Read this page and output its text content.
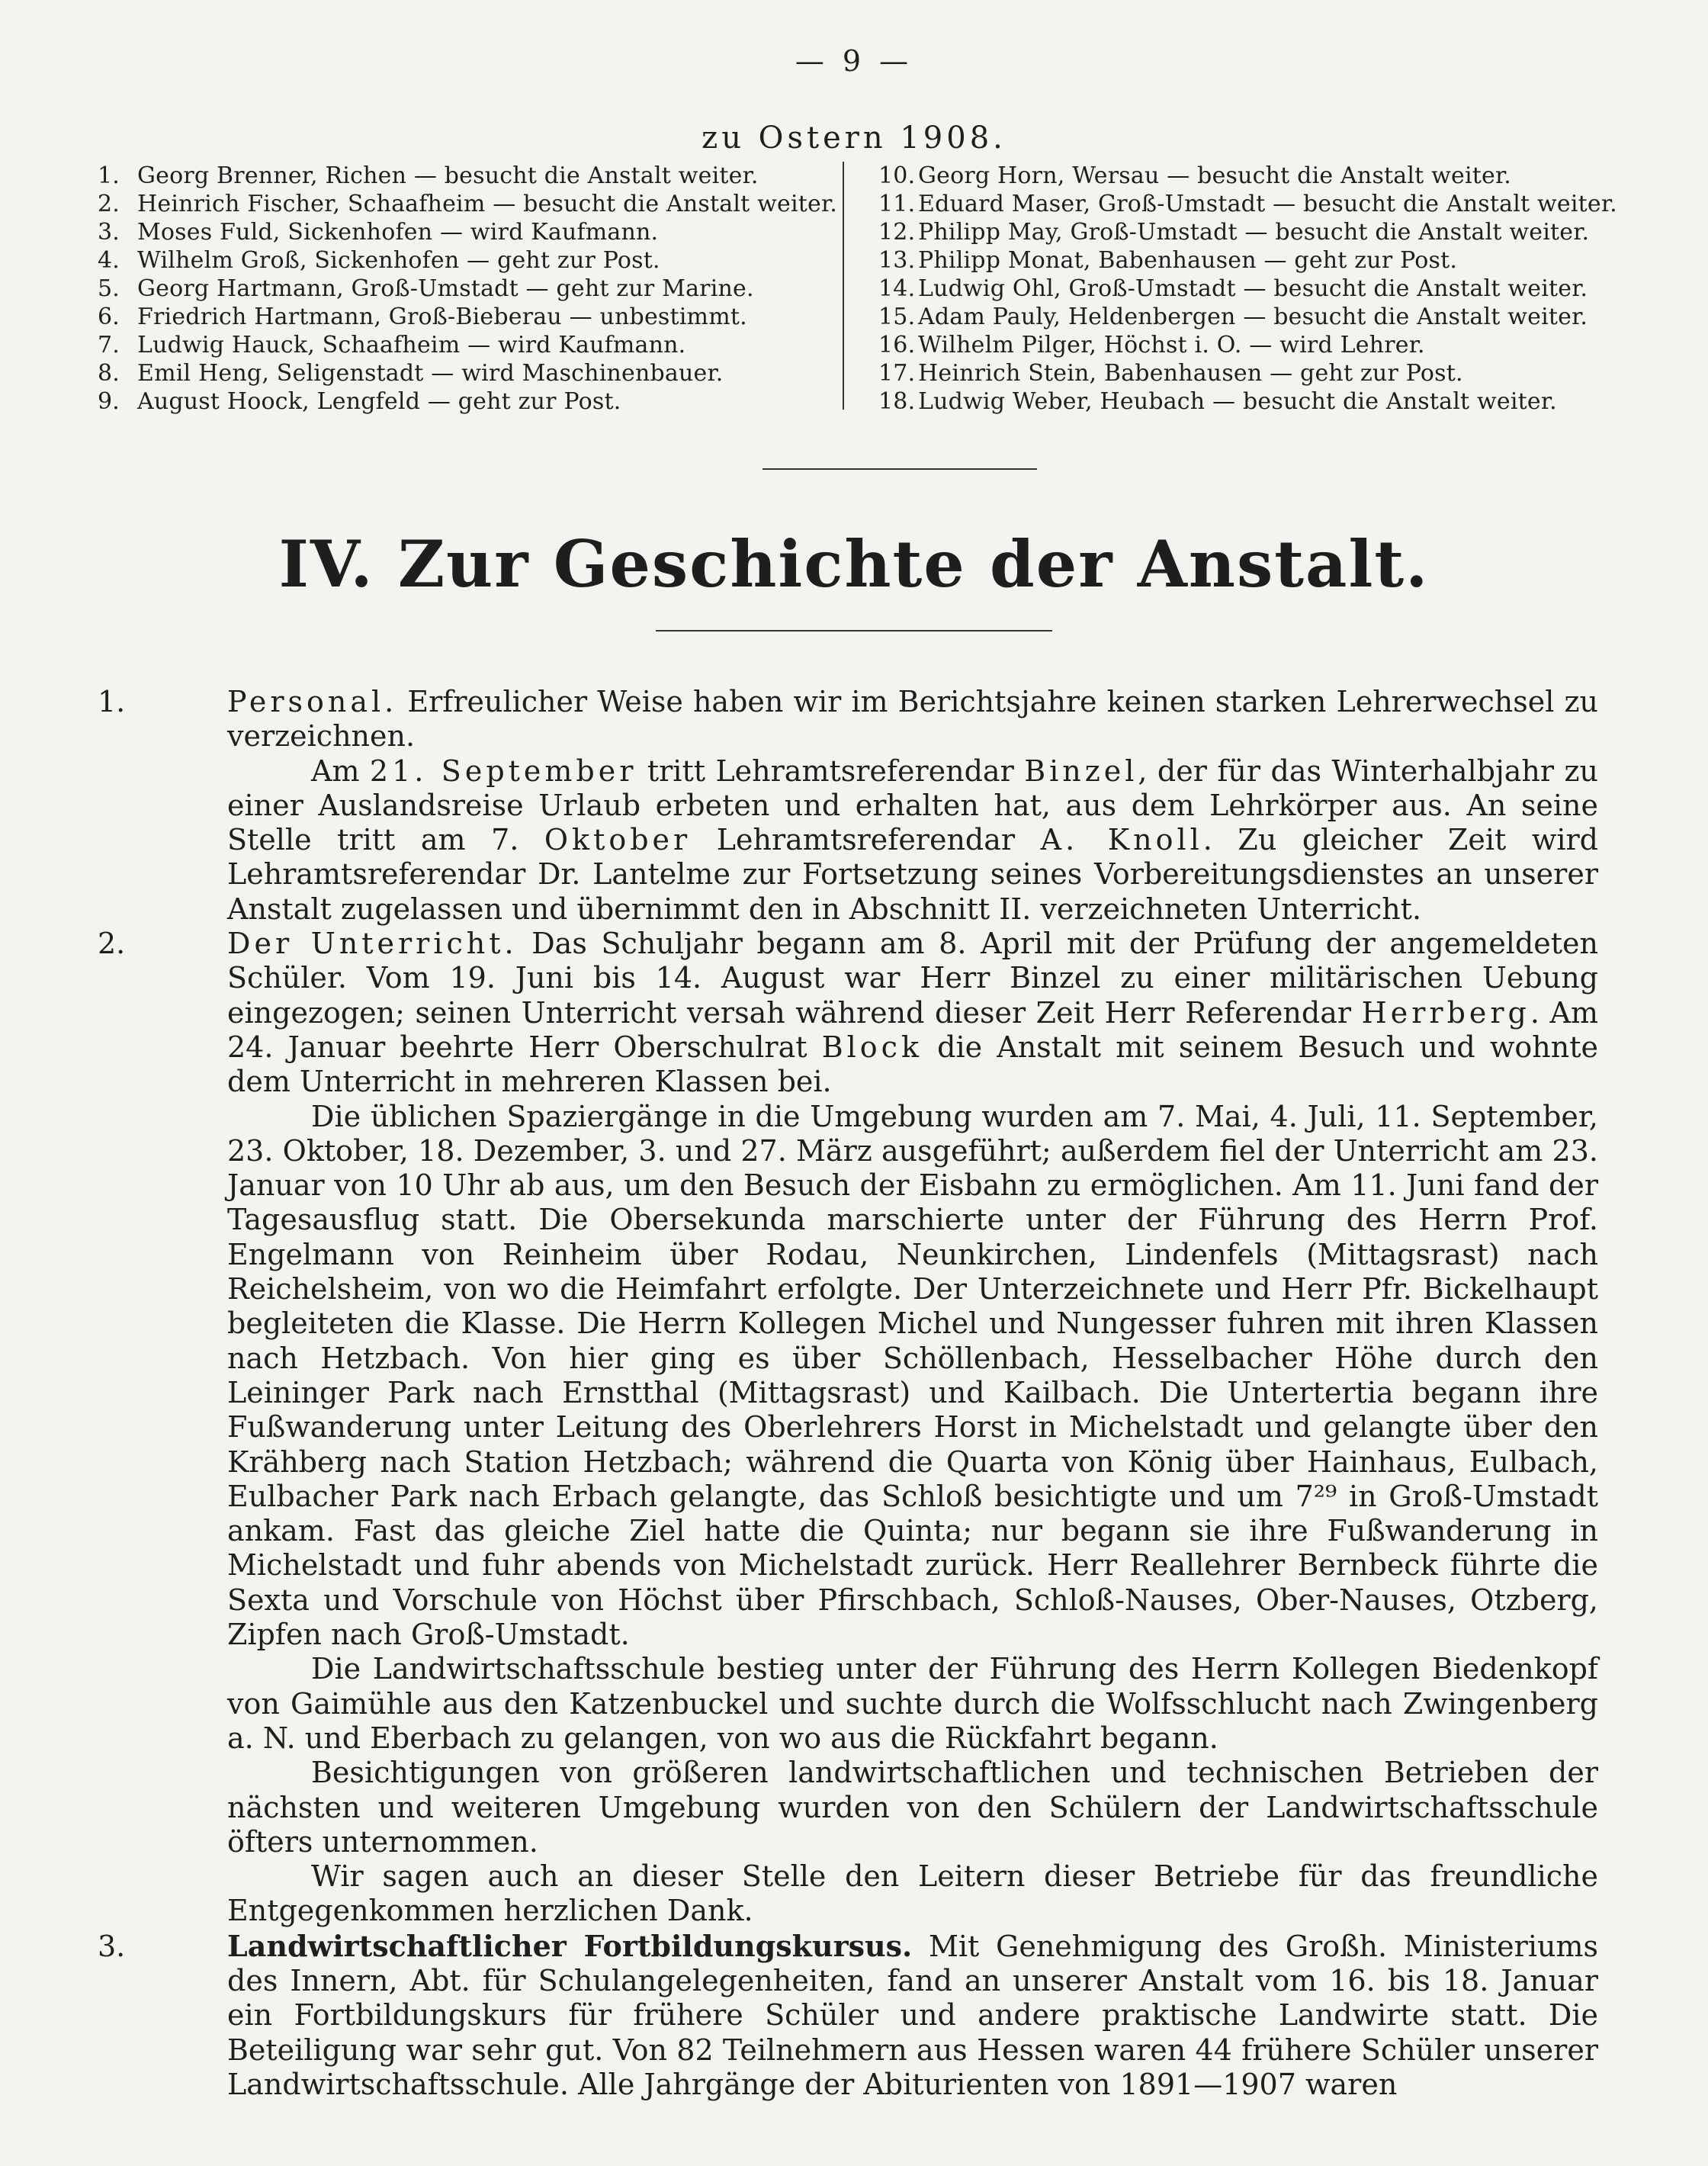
— 9 —
zu Ostern 1908.
1. Georg Brenner, Richen — besucht die Anstalt weiter.
2. Heinrich Fischer, Schaafheim — besucht die Anstalt weiter.
3. Moses Fuld, Sickenhofen — wird Kaufmann.
4. Wilhelm Groß, Sickenhofen — geht zur Post.
5. Georg Hartmann, Groß-Umstadt — geht zur Marine.
6. Friedrich Hartmann, Groß-Bieberau — unbestimmt.
7. Ludwig Hauck, Schaafheim — wird Kaufmann.
8. Emil Heng, Seligenstadt — wird Maschinenbauer.
9. August Hoock, Lengfeld — geht zur Post.
10. Georg Horn, Wersau — besucht die Anstalt weiter.
11. Eduard Maser, Groß-Umstadt — besucht die Anstalt weiter.
12. Philipp May, Groß-Umstadt — besucht die Anstalt weiter.
13. Philipp Monat, Babenhausen — geht zur Post.
14. Ludwig Ohl, Groß-Umstadt — besucht die Anstalt weiter.
15. Adam Pauly, Heldenbergen — besucht die Anstalt weiter.
16. Wilhelm Pilger, Höchst i. O. — wird Lehrer.
17. Heinrich Stein, Babenhausen — geht zur Post.
18. Ludwig Weber, Heubach — besucht die Anstalt weiter.
IV. Zur Geschichte der Anstalt.

1.	Personal. Erfreulicher Weise haben wir im Berichtsjahre keinen starken Lehrerwechsel zu verzeichnen.

Am 21. September tritt Lehramtsreferendar Binzel, der für das Winterhalbjahr zu einer Auslandsreise Urlaub erbeten und erhalten hat, aus dem Lehrkörper aus. An seine Stelle tritt am 7. Oktober Lehramtsreferendar A. Knoll. Zu gleicher Zeit wird Lehramtsreferendar Dr. Lantelme zur Fortsetzung seines Vorbereitungsdienstes an unserer Anstalt zugelassen und übernimmt den in Abschnitt II. verzeichneten Unterricht.

2.	Der Unterricht. Das Schuljahr begann am 8. April mit der Prüfung der angemeldeten Schüler. Vom 19. Juni bis 14. August war Herr Binzel zu einer militärischen Uebung eingezogen; seinen Unterricht versah während dieser Zeit Herr Referendar Herrberg. Am 24. Januar beehrte Herr Oberschulrat Block die Anstalt mit seinem Besuch und wohnte dem Unterricht in mehreren Klassen bei.

Die üblichen Spaziergänge in die Umgebung wurden am 7. Mai, 4. Juli, 11. September, 23. Oktober, 18. Dezember, 3. und 27. März ausgeführt; außerdem fiel der Unterricht am 23. Januar von 10 Uhr ab aus, um den Besuch der Eisbahn zu ermöglichen. Am 11. Juni fand der Tagesausflug statt. Die Obersekunda marschierte unter der Führung des Herrn Prof. Engelmann von Reinheim über Rodau, Neunkirchen, Lindenfels (Mittagsrast) nach Reichelsheim, von wo die Heimfahrt erfolgte. Der Unterzeichnete und Herr Pfr. Bickelhaupt begleiteten die Klasse. Die Herrn Kollegen Michel und Nungesser fuhren mit ihren Klassen nach Hetzbach. Von hier ging es über Schöllenbach, Hesselbacher Höhe durch den Leininger Park nach Ernstthal (Mittagsrast) und Kailbach. Die Untertertia begann ihre Fußwanderung unter Leitung des Oberlehrers Horst in Michelstadt und gelangte über den Krähberg nach Station Hetzbach; während die Quarta von König über Hainhaus, Eulbach, Eulbacher Park nach Erbach gelangte, das Schloß besichtigte und um 7²⁹ in Groß-Umstadt ankam. Fast das gleiche Ziel hatte die Quinta; nur begann sie ihre Fußwanderung in Michelstadt und fuhr abends von Michelstadt zurück. Herr Reallehrer Bernbeck führte die Sexta und Vorschule von Höchst über Pfirschbach, Schloß-Nauses, Ober-Nauses, Otzberg, Zipfen nach Groß-Umstadt.

Die Landwirtschaftsschule bestieg unter der Führung des Herrn Kollegen Biedenkopf von Gaimühle aus den Katzenbuckel und suchte durch die Wolfsschlucht nach Zwingenberg a. N. und Eberbach zu gelangen, von wo aus die Rückfahrt begann.

Besichtigungen von größeren landwirtschaftlichen und technischen Betrieben der nächsten und weiteren Umgebung wurden von den Schülern der Landwirtschaftsschule öfters unternommen.

Wir sagen auch an dieser Stelle den Leitern dieser Betriebe für das freundliche Entgegenkommen herzlichen Dank.

3.	Landwirtschaftlicher Fortbildungskursus. Mit Genehmigung des Großh. Ministeriums des Innern, Abt. für Schulangelegenheiten, fand an unserer Anstalt vom 16. bis 18. Januar ein Fortbildungskurs für frühere Schüler und andere praktische Landwirte statt. Die Beteiligung war sehr gut. Von 82 Teilnehmern aus Hessen waren 44 frühere Schüler unserer Landwirtschaftsschule. Alle Jahrgänge der Abiturienten von 1891—1907 waren
